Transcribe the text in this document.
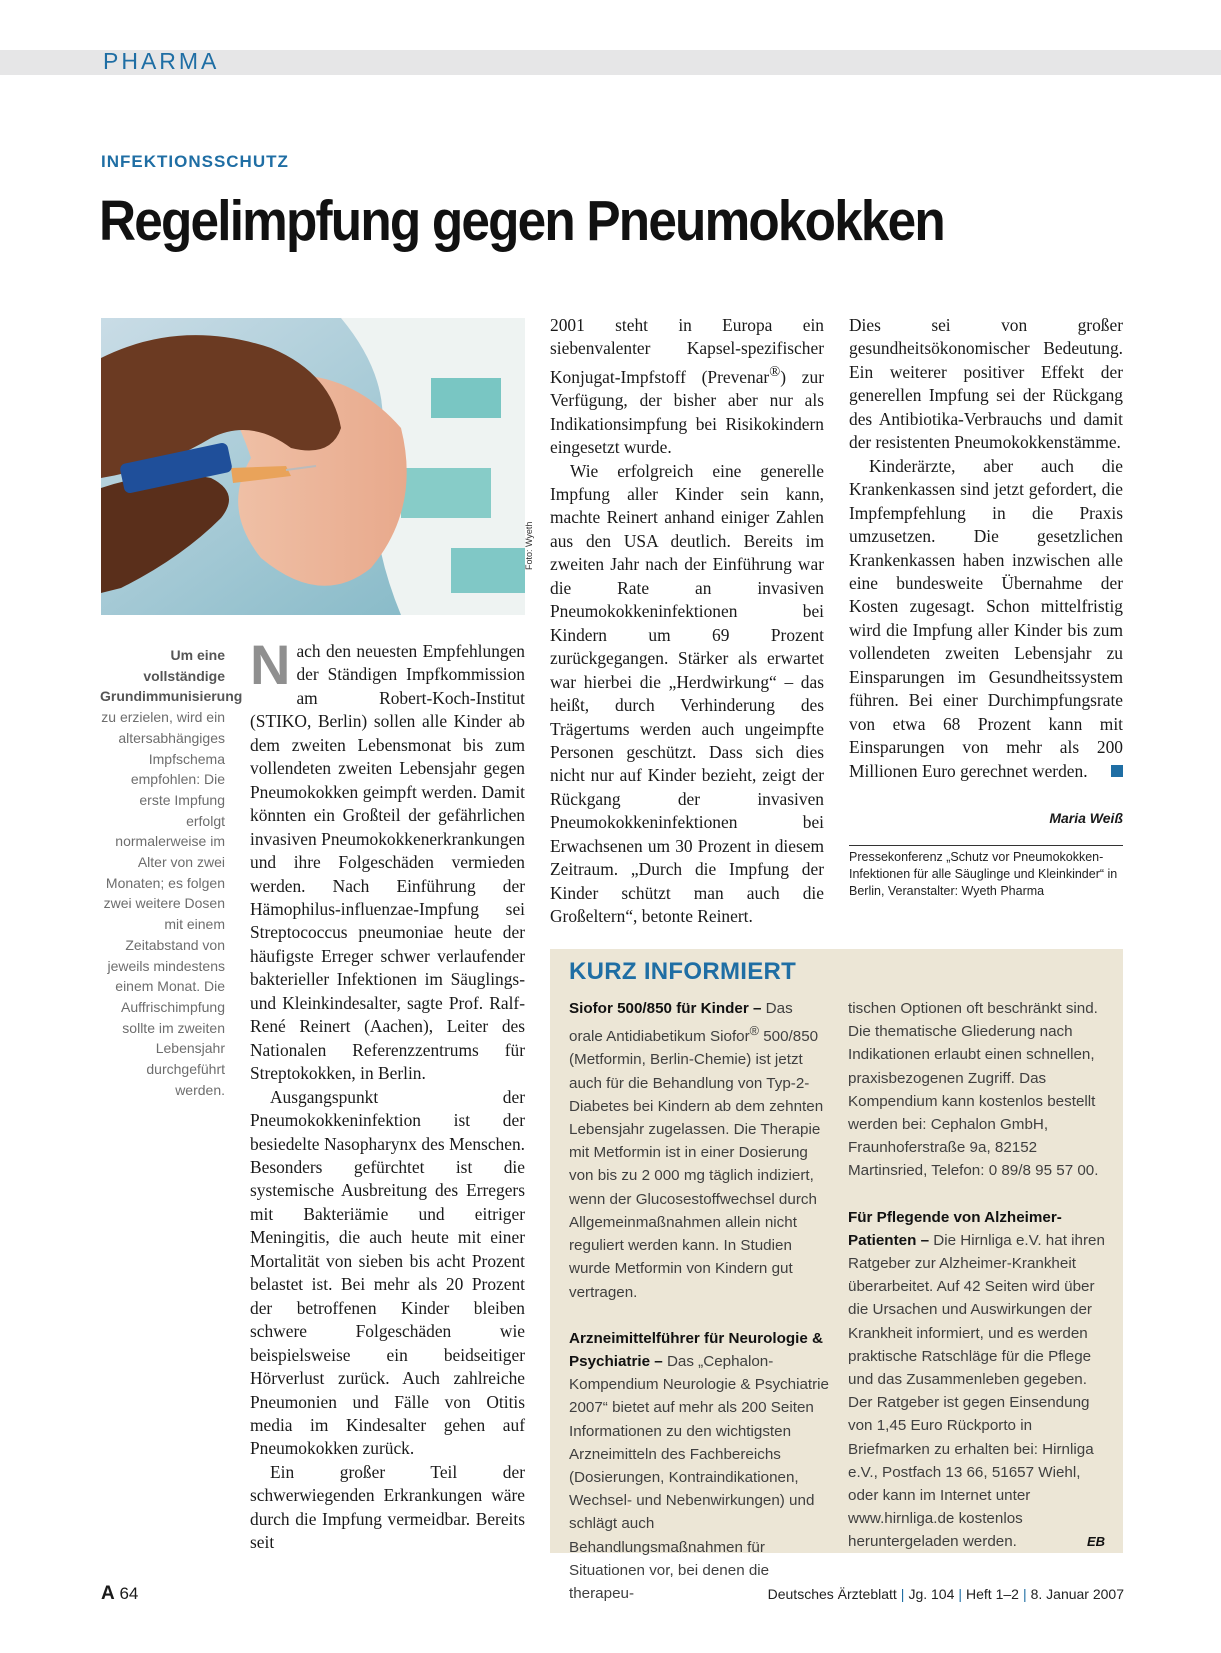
PHARMA
INFEKTIONSSCHUTZ
Regelimpfung gegen Pneumokokken
Foto: Wyeth
Um eine vollständige Grundimmunisierung zu erzielen, wird ein altersabhängiges Impfschema empfohlen: Die erste Impfung erfolgt normalerweise im Alter von zwei Monaten; es folgen zwei weitere Dosen mit einem Zeitabstand von jeweils mindestens einem Monat. Die Auffrischimpfung sollte im zweiten Lebensjahr durchgeführt werden.

Nach den neuesten Empfehlungen der Ständigen Impfkommission am Robert-Koch-Institut (STIKO, Berlin) sollen alle Kinder ab dem zweiten Lebensmonat bis zum vollendeten zweiten Lebensjahr gegen Pneumokokken geimpft werden. Damit könnten ein Großteil der gefährlichen invasiven Pneumokokkenerkrankungen und ihre Folgeschäden vermieden werden. Nach Einführung der Hämophilus-influenzae-Impfung sei Streptococcus pneumoniae heute der häufigste Erreger schwer verlaufender bakterieller Infektionen im Säuglings- und Kleinkindesalter, sagte Prof. Ralf-René Reinert (Aachen), Leiter des Nationalen Referenzzentrums für Streptokokken, in Berlin.

Ausgangspunkt der Pneumokokkeninfektion ist der besiedelte Nasopharynx des Menschen. Besonders gefürchtet ist die systemische Ausbreitung des Erregers mit Bakteriämie und eitriger Meningitis, die auch heute mit einer Mortalität von sieben bis acht Prozent belastet ist. Bei mehr als 20 Prozent der betroffenen Kinder bleiben schwere Folgeschäden wie beispielsweise ein beidseitiger Hörverlust zurück. Auch zahlreiche Pneumonien und Fälle von Otitis media im Kindesalter gehen auf Pneumokokken zurück.

Ein großer Teil der schwerwiegenden Erkrankungen wäre durch die Impfung vermeidbar. Bereits seit

2001 steht in Europa ein siebenvalenter Kapsel-spezifischer Konjugat-Impfstoff (Prevenar®) zur Verfügung, der bisher aber nur als Indikationsimpfung bei Risikokindern eingesetzt wurde.

Wie erfolgreich eine generelle Impfung aller Kinder sein kann, machte Reinert anhand einiger Zahlen aus den USA deutlich. Bereits im zweiten Jahr nach der Einführung war die Rate an invasiven Pneumokokkeninfektionen bei Kindern um 69 Prozent zurückgegangen. Stärker als erwartet war hierbei die „Herdwirkung“ – das heißt, durch Verhinderung des Trägertums werden auch ungeimpfte Personen geschützt. Dass sich dies nicht nur auf Kinder bezieht, zeigt der Rückgang der invasiven Pneumokokkeninfektionen bei Erwachsenen um 30 Prozent in diesem Zeitraum. „Durch die Impfung der Kinder schützt man auch die Großeltern“, betonte Reinert.

Dies sei von großer gesundheitsökonomischer Bedeutung. Ein weiterer positiver Effekt der generellen Impfung sei der Rückgang des Antibiotika-Verbrauchs und damit der resistenten Pneumokokkenstämme.

Kinderärzte, aber auch die Krankenkassen sind jetzt gefordert, die Impfempfehlung in die Praxis umzusetzen. Die gesetzlichen Krankenkassen haben inzwischen alle eine bundesweite Übernahme der Kosten zugesagt. Schon mittelfristig wird die Impfung aller Kinder bis zum vollendeten zweiten Lebensjahr zu Einsparungen im Gesundheitssystem führen. Bei einer Durchimpfungsrate von etwa 68 Prozent kann mit Einsparungen von mehr als 200 Millionen Euro gerechnet werden.

Maria Weiß
Pressekonferenz „Schutz vor Pneumokokken-Infektionen für alle Säuglinge und Kleinkinder“ in Berlin, Veranstalter: Wyeth Pharma
KURZ INFORMIERT

Siofor 500/850 für Kinder – Das orale Antidiabetikum Siofor® 500/850 (Metformin, Berlin-Chemie) ist jetzt auch für die Behandlung von Typ-2-Diabetes bei Kindern ab dem zehnten Lebensjahr zugelassen. Die Therapie mit Metformin ist in einer Dosierung von bis zu 2 000 mg täglich indiziert, wenn der Glucosestoffwechsel durch Allgemeinmaßnahmen allein nicht reguliert werden kann. In Studien wurde Metformin von Kindern gut vertragen.

Arzneimittelführer für Neurologie & Psychiatrie – Das „Cephalon-Kompendium Neurologie & Psychiatrie 2007“ bietet auf mehr als 200 Seiten Informationen zu den wichtigsten Arzneimitteln des Fachbereichs (Dosierungen, Kontraindikationen, Wechsel- und Nebenwirkungen) und schlägt auch Behandlungsmaßnahmen für Situationen vor, bei denen die therapeu-

tischen Optionen oft beschränkt sind. Die thematische Gliederung nach Indikationen erlaubt einen schnellen, praxisbezogenen Zugriff. Das Kompendium kann kostenlos bestellt werden bei: Cephalon GmbH, Fraunhoferstraße 9a, 82152 Martinsried, Telefon: 0 89/8 95 57 00.

Für Pflegende von Alzheimer-Patienten – Die Hirnliga e.V. hat ihren Ratgeber zur Alzheimer-Krankheit überarbeitet. Auf 42 Seiten wird über die Ursachen und Auswirkungen der Krankheit informiert, und es werden praktische Ratschläge für die Pflege und das Zusammenleben gegeben. Der Ratgeber ist gegen Einsendung von 1,45 Euro Rückporto in Briefmarken zu erhalten bei: Hirnliga e.V., Postfach 13 66, 51657 Wiehl, oder kann im Internet unter www.hirnliga.de kostenlos heruntergeladen werden.	EB

A 64	Deutsches Ärzteblatt | Jg. 104 | Heft 1–2 | 8. Januar 2007
